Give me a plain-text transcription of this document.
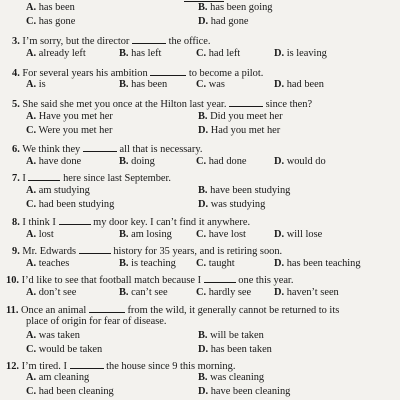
A. has been	B. has been going
C. has gone	D. had gone
3. I’m sorry, but the director	the office.
A. already left	B. has left	C. had left	D. is leaving
4. For several years his ambition	to become a pilot.
A. is	B. has been	C. was	D. had been
5. She said she met you once at the Hilton last year.	since then?
A. Have you met her	B. Did you meet her
C. Were you met her	D. Had you met her
6. We think they	all that is necessary.
A. have done	B. doing	C. had done	D. would do
7. I	here since last September.
A. am studying	B. have been studying
C. had been studying	D. was studying
8. I think I	my door key. I can’t find it anywhere.
A. lost	B. am losing C. have lost	D. will lose
9. Mr. Edwards	history for 35 years, and is retiring soon.
A. teaches	B. is teaching C. taught	D. has been teaching
10. I’d like to see that football match because I	one this year.
A. don’t see	B. can’t see	C. hardly see D. haven’t seen
11. Once an animal	from the wild, it generally cannot be returned to its
place of origin for fear of disease.
A. was taken	B. will be taken
C. would be taken	D. has been taken
12. I’m tired. I	the house since 9 this morning.
A. am cleaning	B. was cleaning
C. had been cleaning	D. have been cleaning
